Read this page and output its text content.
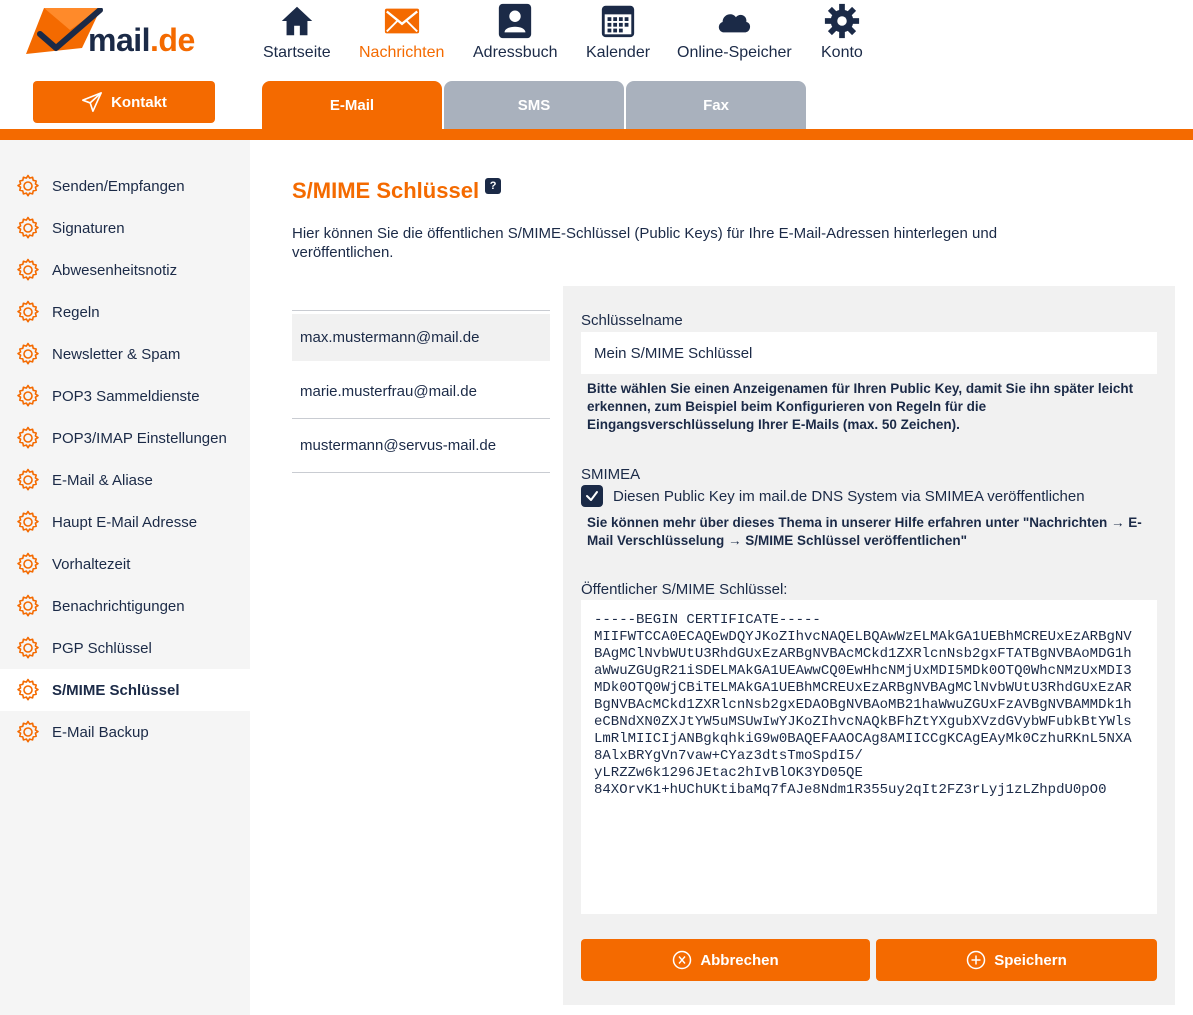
mail.de
Kontakt
Startseite Nachrichten Adressbuch Kalender Online-Speicher Konto
E-Mail	SMS	Fax
Senden/Empfangen
Signaturen
Abwesenheitsnotiz
Regeln
Newsletter & Spam
POP3 Sammeldienste
POP3/IMAP Einstellungen
E-Mail & Aliase
Haupt E-Mail Adresse
Vorhaltezeit
Benachrichtigungen
PGP Schlüssel
S/MIME Schlüssel
E-Mail Backup
S/MIME Schlüssel ?
Hier können Sie die öffentlichen S/MIME-Schlüssel (Public Keys) für Ihre E-Mail-Adressen hinterlegen und veröffentlichen.
max.mustermann@mail.de
marie.musterfrau@mail.de
mustermann@servus-mail.de
Schlüsselname
Mein S/MIME Schlüssel
Bitte wählen Sie einen Anzeigenamen für Ihren Public Key, damit Sie ihn später leicht erkennen, zum Beispiel beim Konfigurieren von Regeln für die Eingangsverschlüsselung Ihrer E-Mails (max. 50 Zeichen).
SMIMEA
Diesen Public Key im mail.de DNS System via SMIMEA veröffentlichen
Sie können mehr über dieses Thema in unserer Hilfe erfahren unter "Nachrichten → E-Mail Verschlüsselung → S/MIME Schlüssel veröffentlichen"
Öffentlicher S/MIME Schlüssel:
-----BEGIN CERTIFICATE----- MIIFWTCCA0ECAQEwDQYJKoZIhvcNAQELBQAwWzELMAkGA1UEBhMCREUxEzARBgNV BAgMClNvbWUtU3RhdGUxEzARBgNVBAcMCkd1ZXRlcnNsb2gxFTATBgNVBAoMDG1h aWwuZGUgR21iSDELMAkGA1UEAwwCQ0EwHhcNMjUxMDI5MDk0OTQ0WhcNMzUxMDI3 MDk0OTQ0WjCBiTELMAkGA1UEBhMCREUxEzARBgNVBAgMClNvbWUtU3RhdGUxEzAR BgNVBAcMCkd1ZXRlcnNsb2gxEDAOBgNVBAoMB21haWwuZGUxFzAVBgNVBAMMDk1h eCBNdXN0ZXJtYW5uMSUwIwYJKoZIhvcNAQkBFhZtYXgubXVzdGVybWFubkBtYWls LmRlMIICIjANBgkqhkiG9w0BAQEFAAOCAg8AMIICCgKCAgEAyMk0CzhuRKnL5NXA 8AlxBRYgVn7vaw+CYaz3dtsTmoSpdI5/ yLRZZw6k1296JEtac2hIvBlOK3YD05QE 84XOrvK1+hUChUKtibaMq7fAJe8Ndm1R355uy2qIt2FZ3rLyj1zLZhpdU0pO0
Abbrechen	Speichern
